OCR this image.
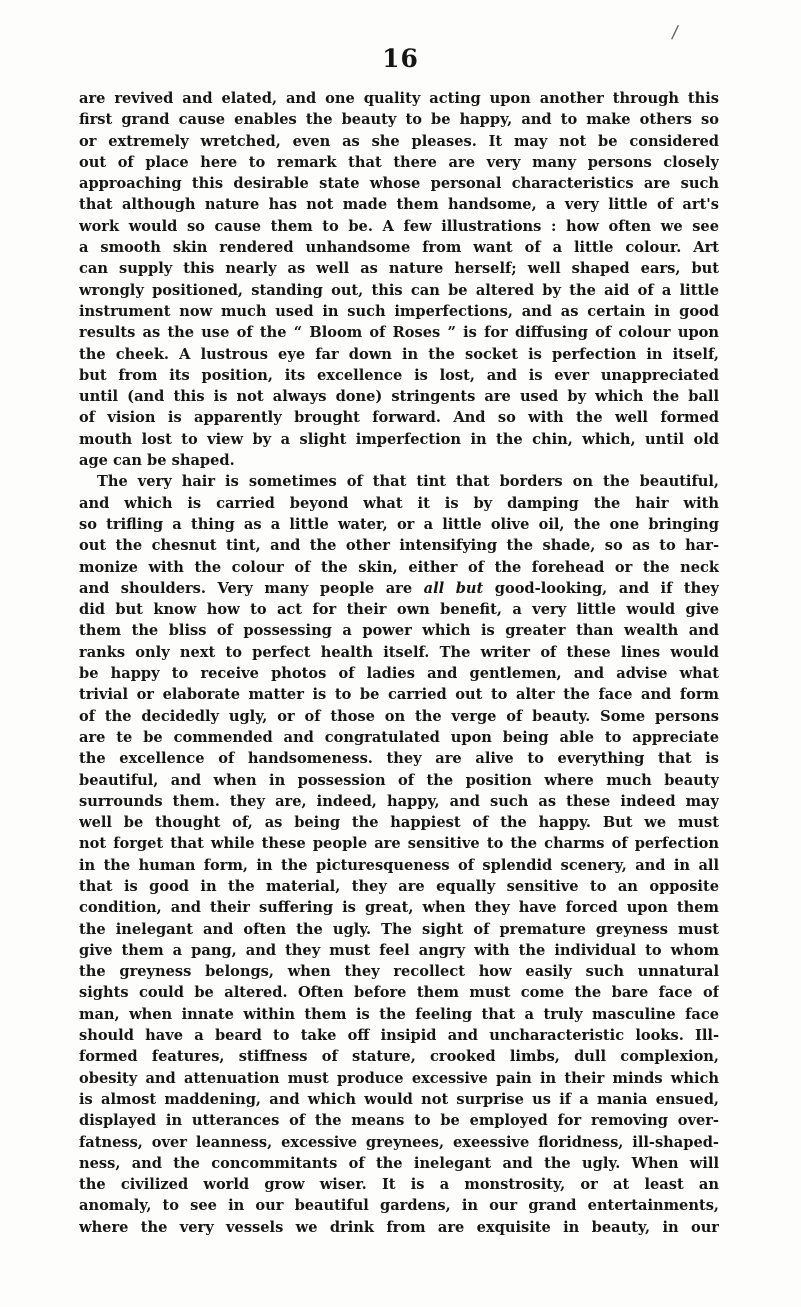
/
16
are revived and elated, and one quality acting upon another through this
first grand cause enables the beauty to be happy, and to make others so
or extremely wretched, even as she pleases. It may not be considered
out of place here to remark that there are very many persons closely
approaching this desirable state whose personal characteristics are such
that although nature has not made them handsome, a very little of art's
work would so cause them to be. A few illustrations : how often we see
a smooth skin rendered unhandsome from want of a little colour. Art
can supply this nearly as well as nature herself; well shaped ears, but
wrongly positioned, standing out, this can be altered by the aid of a little
instrument now much used in such imperfections, and as certain in good
results as the use of the “ Bloom of Roses ” is for diffusing of colour upon
the cheek. A lustrous eye far down in the socket is perfection in itself,
but from its position, its excellence is lost, and is ever unappreciated
until (and this is not always done) stringents are used by which the ball
of vision is apparently brought forward. And so with the well formed
mouth lost to view by a slight imperfection in the chin, which, until old
age can be shaped.
The very hair is sometimes of that tint that borders on the beautiful,
and which is carried beyond what it is by damping the hair with
so trifling a thing as a little water, or a little olive oil, the one bringing
out the chesnut tint, and the other intensifying the shade, so as to har-
monize with the colour of the skin, either of the forehead or the neck
and shoulders. Very many people are all but good-looking, and if they
did but know how to act for their own benefit, a very little would give
them the bliss of possessing a power which is greater than wealth and
ranks only next to perfect health itself. The writer of these lines would
be happy to receive photos of ladies and gentlemen, and advise what
trivial or elaborate matter is to be carried out to alter the face and form
of the decidedly ugly, or of those on the verge of beauty. Some persons
are te be commended and congratulated upon being able to appreciate
the excellence of handsomeness. they are alive to everything that is
beautiful, and when in possession of the position where much beauty
surrounds them. they are, indeed, happy, and such as these indeed may
well be thought of, as being the happiest of the happy. But we must
not forget that while these people are sensitive to the charms of perfection
in the human form, in the picturesqueness of splendid scenery, and in all
that is good in the material, they are equally sensitive to an opposite
condition, and their suffering is great, when they have forced upon them
the inelegant and often the ugly. The sight of premature greyness must
give them a pang, and they must feel angry with the individual to whom
the greyness belongs, when they recollect how easily such unnatural
sights could be altered. Often before them must come the bare face of
man, when innate within them is the feeling that a truly masculine face
should have a beard to take off insipid and uncharacteristic looks. Ill-
formed features, stiffness of stature, crooked limbs, dull complexion,
obesity and attenuation must produce excessive pain in their minds which
is almost maddening, and which would not surprise us if a mania ensued,
displayed in utterances of the means to be employed for removing over-
fatness, over leanness, excessive greynees, exeessive floridness, ill-shaped-
ness, and the concommitants of the inelegant and the ugly. When will
the civilized world grow wiser. It is a monstrosity, or at least an
anomaly, to see in our beautiful gardens, in our grand entertainments,
where the very vessels we drink from are exquisite in beauty, in our
